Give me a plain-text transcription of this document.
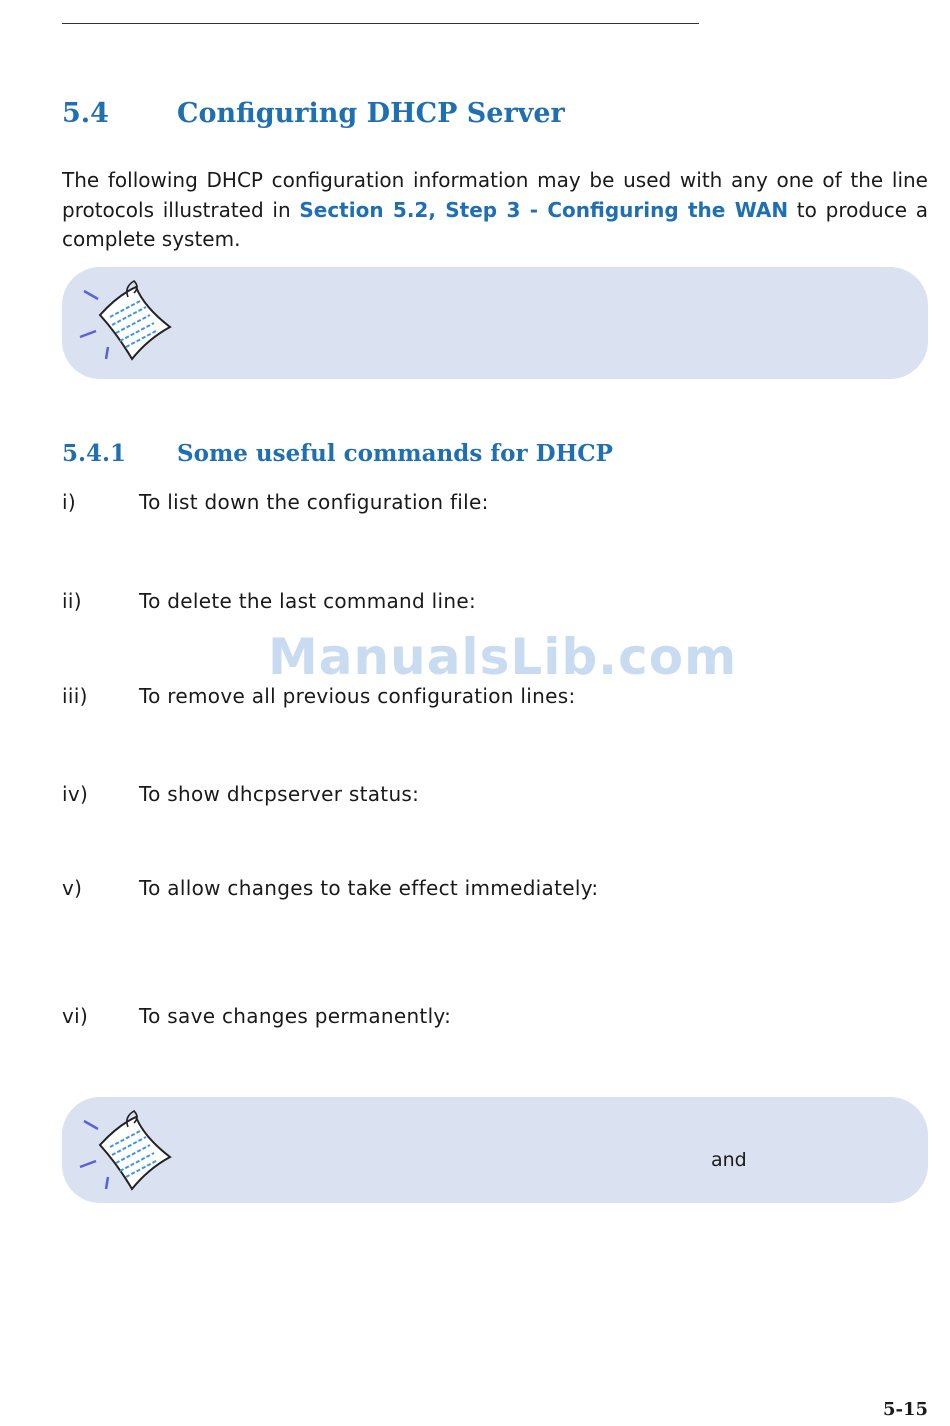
5.4	Configuring DHCP Server

The following DHCP configuration information may be used with any one of the line protocols illustrated in Section 5.2, Step 3 - Configuring the WAN to produce a complete system.

5.4.1 Some useful commands for DHCP
i)	To list down the configuration file:
ii)	To delete the last command line:
iii)	To remove all previous configuration lines:
iv)	To show dhcpserver status:
v)	To allow changes to take effect immediately:
vi)	To save changes permanently:
ManualsLib.com
and
5-15
